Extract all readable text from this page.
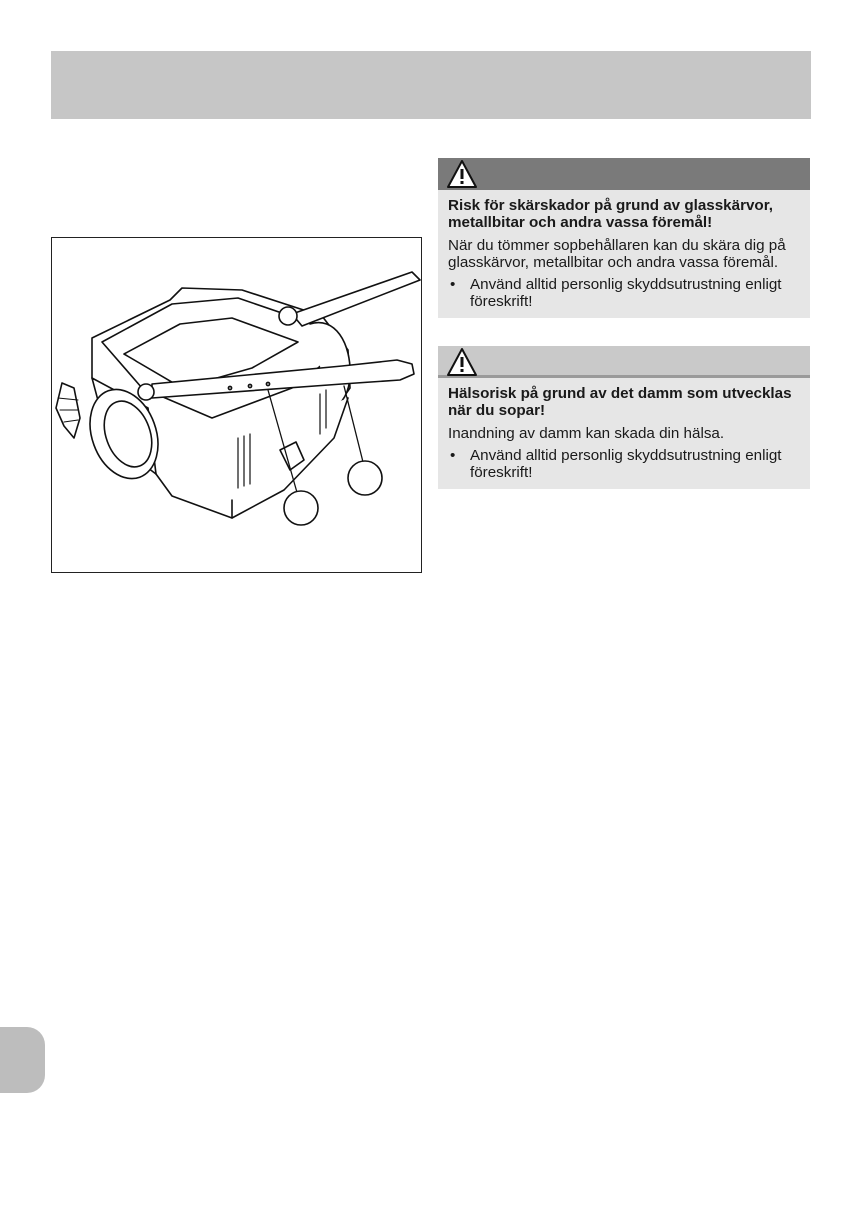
Risk för skärskador på grund av glasskärvor, metallbitar och andra vassa föremål!

När du tömmer sopbehållaren kan du skära dig på glasskärvor, metallbitar och andra vassa föremål.

• Använd alltid personlig skyddsutrustning enligt föreskrift!

Hälsorisk på grund av det damm som utvecklas när du sopar!

Inandning av damm kan skada din hälsa.

• Använd alltid personlig skyddsutrustning enligt föreskrift!
